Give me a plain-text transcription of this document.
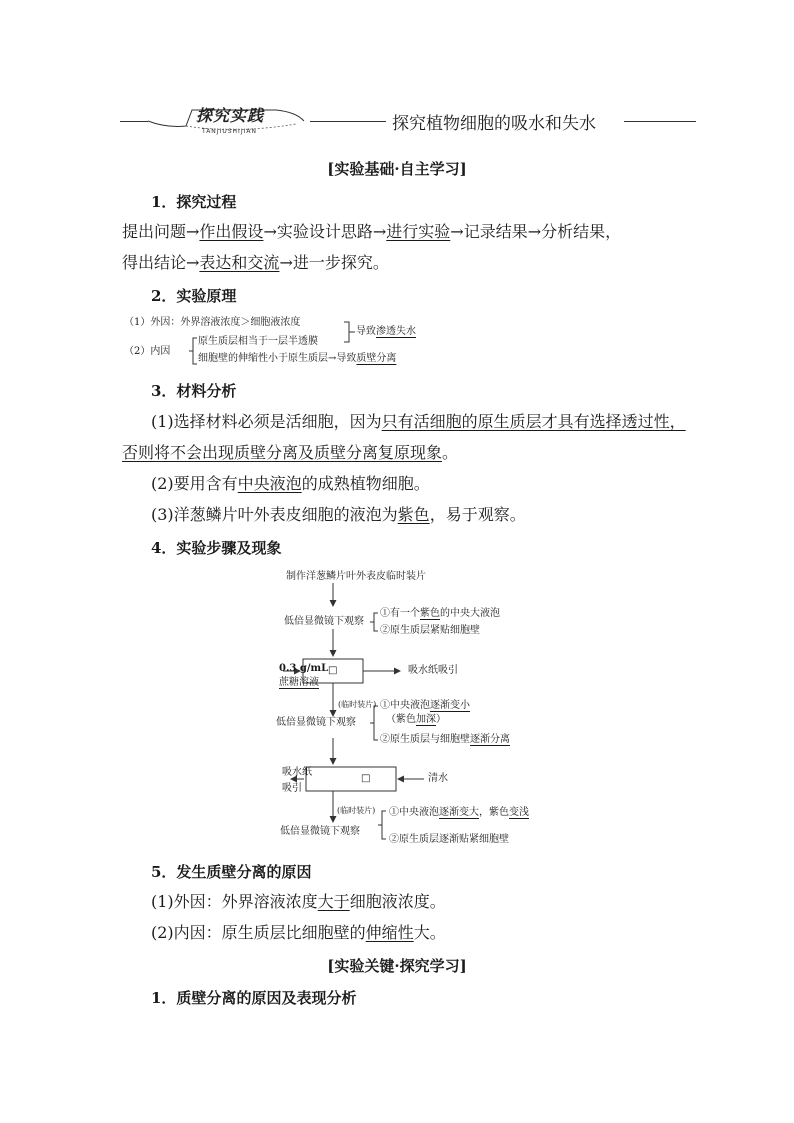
探究实践
TANJIUSHIJIAN	探究植物细胞的吸水和失水
[实验基础·自主学习]
1．探究过程
提出问题→作出假设→实验设计思路→进行实验→记录结果→分析结果，
得出结论→表达和交流→进一步探究。
2．实验原理
（1）外因：外界溶液浓度＞细胞液浓度
（2）内因
原生质层相当于一层半透膜
细胞壁的伸缩性小于原生质层→导致质壁分离
导致渗透失水
3．材料分析
(1)选择材料必须是活细胞，因为只有活细胞的原生质层才具有选择透过性，
否则将不会出现质壁分离及质壁分离复原现象。
(2)要用含有中央液泡的成熟植物细胞。
(3)洋葱鳞片叶外表皮细胞的液泡为紫色，易于观察。
4．实验步骤及现象
制作洋葱鳞片叶外表皮临时装片
低倍显微镜下观察
①有一个紫色的中央大液泡
②原生质层紧贴细胞壁
0.3 g/mL
蔗糖溶液
□	吸水纸吸引
(临时装片)
低倍显微镜下观察
①中央液泡逐渐变小
（紫色加深）
②原生质层与细胞壁逐渐分离
吸水纸
吸引
□	清水
(临时装片)
低倍显微镜下观察
①中央液泡逐渐变大，紫色变浅
②原生质层逐渐贴紧细胞壁
5．发生质壁分离的原因
(1)外因：外界溶液浓度大于细胞液浓度。
(2)内因：原生质层比细胞壁的伸缩性大。
[实验关键·探究学习]
1．质壁分离的原因及表现分析
